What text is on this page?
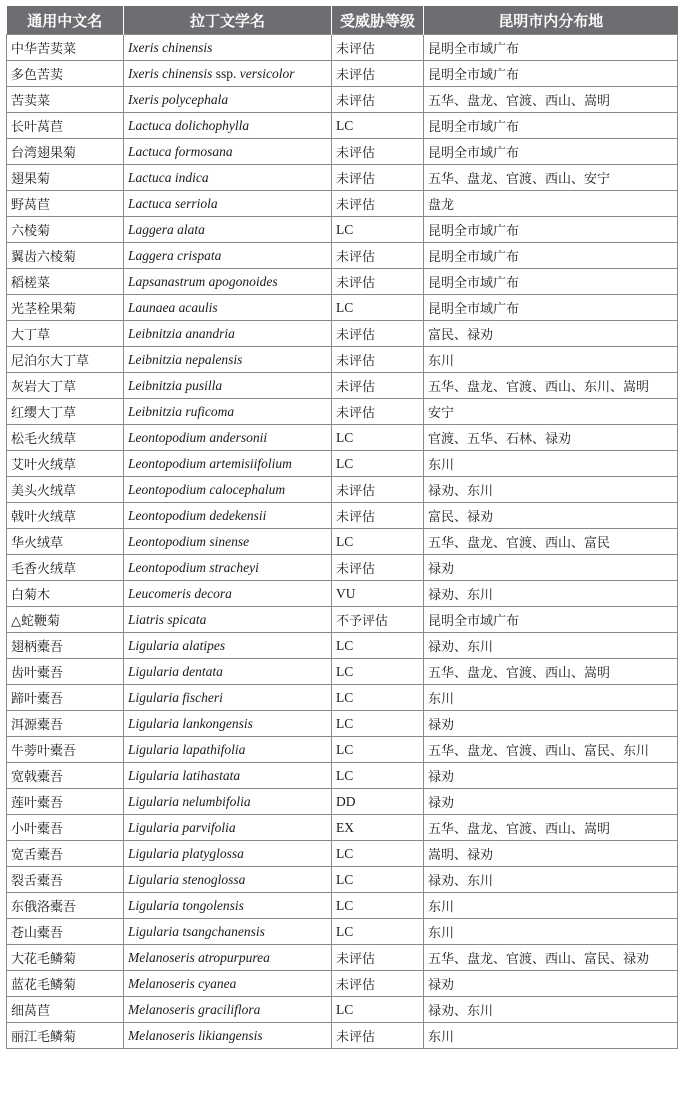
通用中文名	拉丁文学名	受威胁等级	昆明市内分布地
中华苦荬菜	Ixeris chinensis	未评估	昆明全市域广布
多色苦荬	Ixeris chinensis ssp. versicolor	未评估	昆明全市域广布
苦荬菜	Ixeris polycephala	未评估	五华、盘龙、官渡、西山、嵩明
长叶莴苣	Lactuca dolichophylla	LC	昆明全市域广布
台湾翅果菊	Lactuca formosana	未评估	昆明全市域广布
翅果菊	Lactuca indica	未评估	五华、盘龙、官渡、西山、安宁
野莴苣	Lactuca serriola	未评估	盘龙
六棱菊	Laggera alata	LC	昆明全市域广布
翼齿六棱菊	Laggera crispata	未评估	昆明全市域广布
稻槎菜	Lapsanastrum apogonoides	未评估	昆明全市域广布
光茎栓果菊	Launaea acaulis	LC	昆明全市域广布
大丁草	Leibnitzia anandria	未评估	富民、禄劝
尼泊尔大丁草	Leibnitzia nepalensis	未评估	东川
灰岩大丁草	Leibnitzia pusilla	未评估	五华、盘龙、官渡、西山、东川、嵩明
红缨大丁草	Leibnitzia ruficoma	未评估	安宁
松毛火绒草	Leontopodium andersonii	LC	官渡、五华、石林、禄劝
艾叶火绒草	Leontopodium artemisiifolium	LC	东川
美头火绒草	Leontopodium calocephalum	未评估	禄劝、东川
戟叶火绒草	Leontopodium dedekensii	未评估	富民、禄劝
华火绒草	Leontopodium sinense	LC	五华、盘龙、官渡、西山、富民
毛香火绒草	Leontopodium stracheyi	未评估	禄劝
白菊木	Leucomeris decora	VU	禄劝、东川
△蛇鞭菊	Liatris spicata	不予评估	昆明全市域广布
翅柄橐吾	Ligularia alatipes	LC	禄劝、东川
齿叶橐吾	Ligularia dentata	LC	五华、盘龙、官渡、西山、嵩明
蹄叶橐吾	Ligularia fischeri	LC	东川
洱源橐吾	Ligularia lankongensis	LC	禄劝
牛蒡叶橐吾	Ligularia lapathifolia	LC	五华、盘龙、官渡、西山、富民、东川
宽戟橐吾	Ligularia latihastata	LC	禄劝
莲叶橐吾	Ligularia nelumbifolia	DD	禄劝
小叶橐吾	Ligularia parvifolia	EX	五华、盘龙、官渡、西山、嵩明
宽舌橐吾	Ligularia platyglossa	LC	嵩明、禄劝
裂舌橐吾	Ligularia stenoglossa	LC	禄劝、东川
东俄洛橐吾	Ligularia tongolensis	LC	东川
苍山橐吾	Ligularia tsangchanensis	LC	东川
大花毛鳞菊	Melanoseris atropurpurea	未评估	五华、盘龙、官渡、西山、富民、禄劝
蓝花毛鳞菊	Melanoseris cyanea	未评估	禄劝
细莴苣	Melanoseris graciliflora	LC	禄劝、东川
丽江毛鳞菊	Melanoseris likiangensis	未评估	东川
